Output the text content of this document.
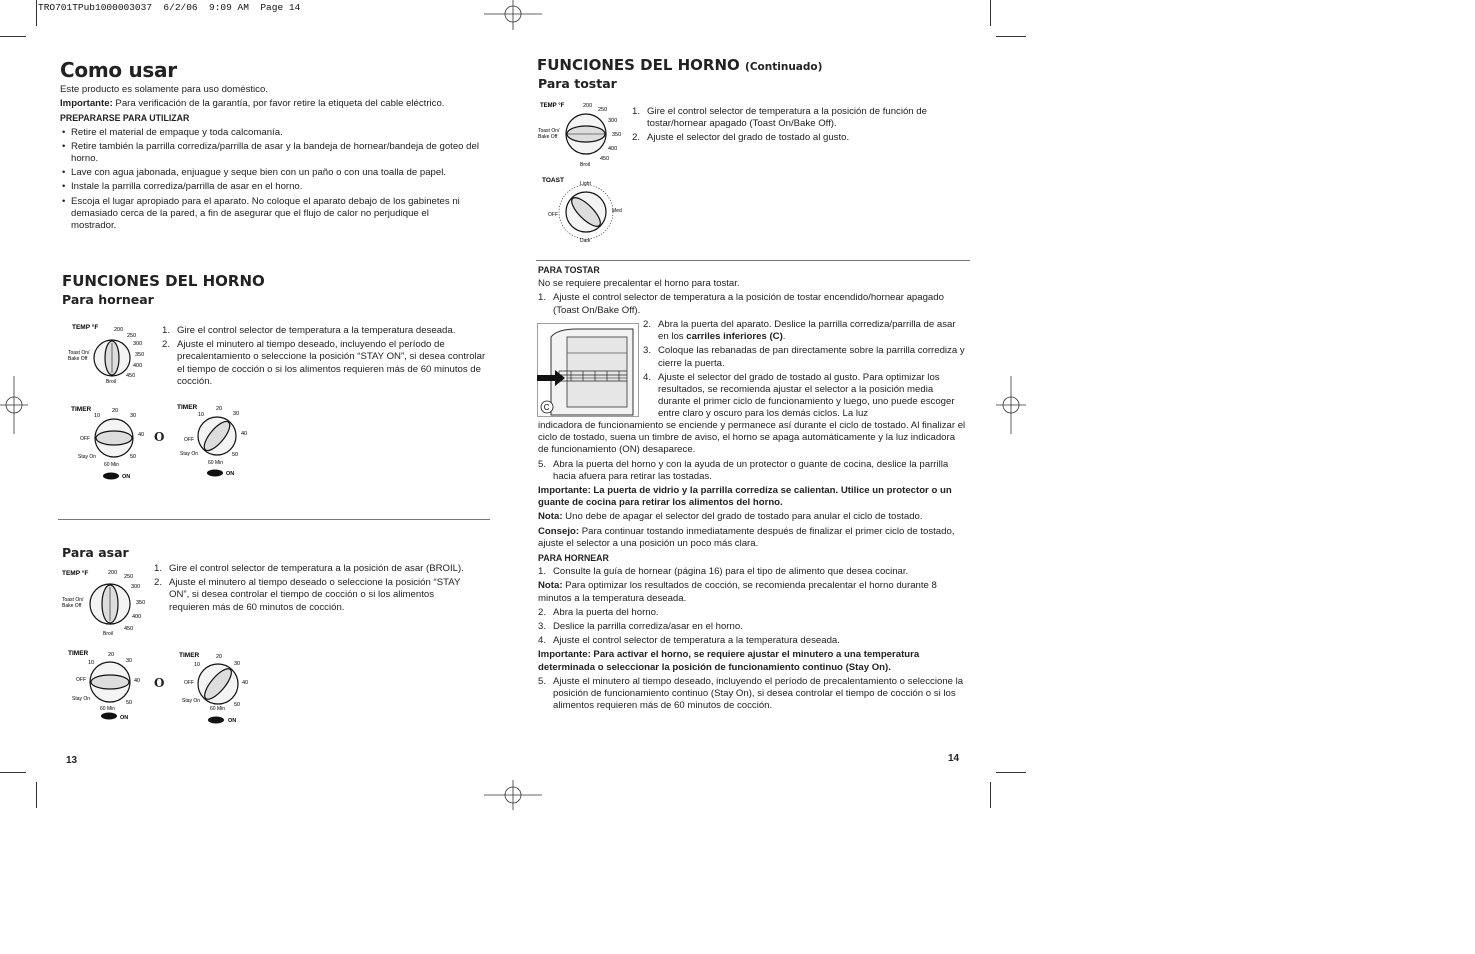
TRO701TPub1000003037  6/2/06  9:09 AM  Page 14
Como usar

Este producto es solamente para uso doméstico.

Importante: Para verificación de la garantía, por favor retire la etiqueta del cable eléctrico.

PREPARARSE PARA UTILIZAR

• Retire el material de empaque y toda calcomanía.
• Retire también la parrilla corrediza/parrilla de asar y la bandeja de hornear/bandeja de goteo del horno.
• Lave con agua jabonada, enjuague y seque bien con un paño o con una toalla de papel.
• Instale la parrilla corrediza/parrilla de asar en el horno.
• Escoja el lugar apropiado para el aparato. No coloque el aparato debajo de los gabinetes ni demasiado cerca de la pared, a fin de asegurar que el flujo de calor no perjudique el mostrador.
FUNCIONES DEL HORNO
Para hornear
TEMP °F	200
250
300
350
400
450
Broil
Toast On/
Bake Off
1. Gire el control selector de temperatura a la temperatura deseada.
2. Ajuste el minutero al tiempo deseado, incluyendo el período de precalentamiento o seleccione la posición “STAY ON”, si desea controlar el tiempo de cocción o si los alimentos requieren más de 60 minutos de cocción.
TIMER
10
20
30
40
50
OFF
Stay On
60 Min
ON
O
TIMER
10
20
30
40
50
OFF
Stay On
60 Min
ON
Para asar
TEMP °F	200
250
300
350
400
450
Broil
Toast On/
Bake Off
1. Gire el control selector de temperatura a la posición de asar (BROIL).
2. Ajuste el minutero al tiempo deseado o seleccione la posición “STAY ON”, si desea controlar el tiempo de cocción o si los alimentos requieren más de 60 minutos de cocción.
TIMER
10
20
30
40
50
OFF
Stay On
60 Min
ON
O
TIMER
10
20
30
40
50
OFF
Stay On
60 Min
ON
13
FUNCIONES DEL HORNO (Continuado)
Para tostar
TEMP °F	200
250
300
350
400
450
Broil
Toast On/
Bake Off
1. Gire el control selector de temperatura a la posición de función de tostar/hornear apagado (Toast On/Bake Off).
2. Ajuste el selector del grado de tostado al gusto.
TOAST	Light
Med
OFF
Dark

PARA TOSTAR

No se requiere precalentar el horno para tostar.

1. Ajuste el control selector de temperatura a la posición de tostar encendido/hornear apagado (Toast On/Bake Off).
C
2. Abra la puerta del aparato. Deslice la parrilla corrediza/parrilla de asar en los carriles inferiores (C).
3. Coloque las rebanadas de pan directamente sobre la parrilla corrediza y cierre la puerta.
4. Ajuste el selector del grado de tostado al gusto. Para optimizar los resultados, se recomienda ajustar el selector a la posición media durante el primer ciclo de funcionamiento y luego, uno puede escoger entre claro y oscuro para los demás ciclos. La luz

indicadora de funcionamiento se enciende y permanece así durante el ciclo de tostado. Al finalizar el ciclo de tostado, suena un timbre de aviso, el horno se apaga automáticamente y la luz indicadora de funcionamiento (ON) desaparece.

5. Abra la puerta del horno y con la ayuda de un protector o guante de cocina, deslice la parrilla hacia afuera para retirar las tostadas.

Importante: La puerta de vidrio y la parrilla corrediza se calientan. Utilice un protector o un guante de cocina para retirar los alimentos del horno.

Nota: Uno debe de apagar el selector del grado de tostado para anular el ciclo de tostado.

Consejo: Para continuar tostando inmediatamente después de finalizar el primer ciclo de tostado, ajuste el selector a una posición un poco más clara.

PARA HORNEAR

1. Consulte la guía de hornear (página 16) para el tipo de alimento que desea cocinar.

Nota: Para optimizar los resultados de cocción, se recomienda precalentar el horno durante 8 minutos a la temperatura deseada.

2. Abra la puerta del horno.
3. Deslice la parrilla corrediza/asar en el horno.
4. Ajuste el control selector de temperatura a la temperatura deseada.

Importante: Para activar el horno, se requiere ajustar el minutero a una temperatura determinada o seleccionar la posición de funcionamiento continuo (Stay On).

5. Ajuste el minutero al tiempo deseado, incluyendo el período de precalentamiento o seleccione la posición de funcionamiento continuo (Stay On), si desea controlar el tiempo de cocción o si los alimentos requieren más de 60 minutos de cocción.
14
